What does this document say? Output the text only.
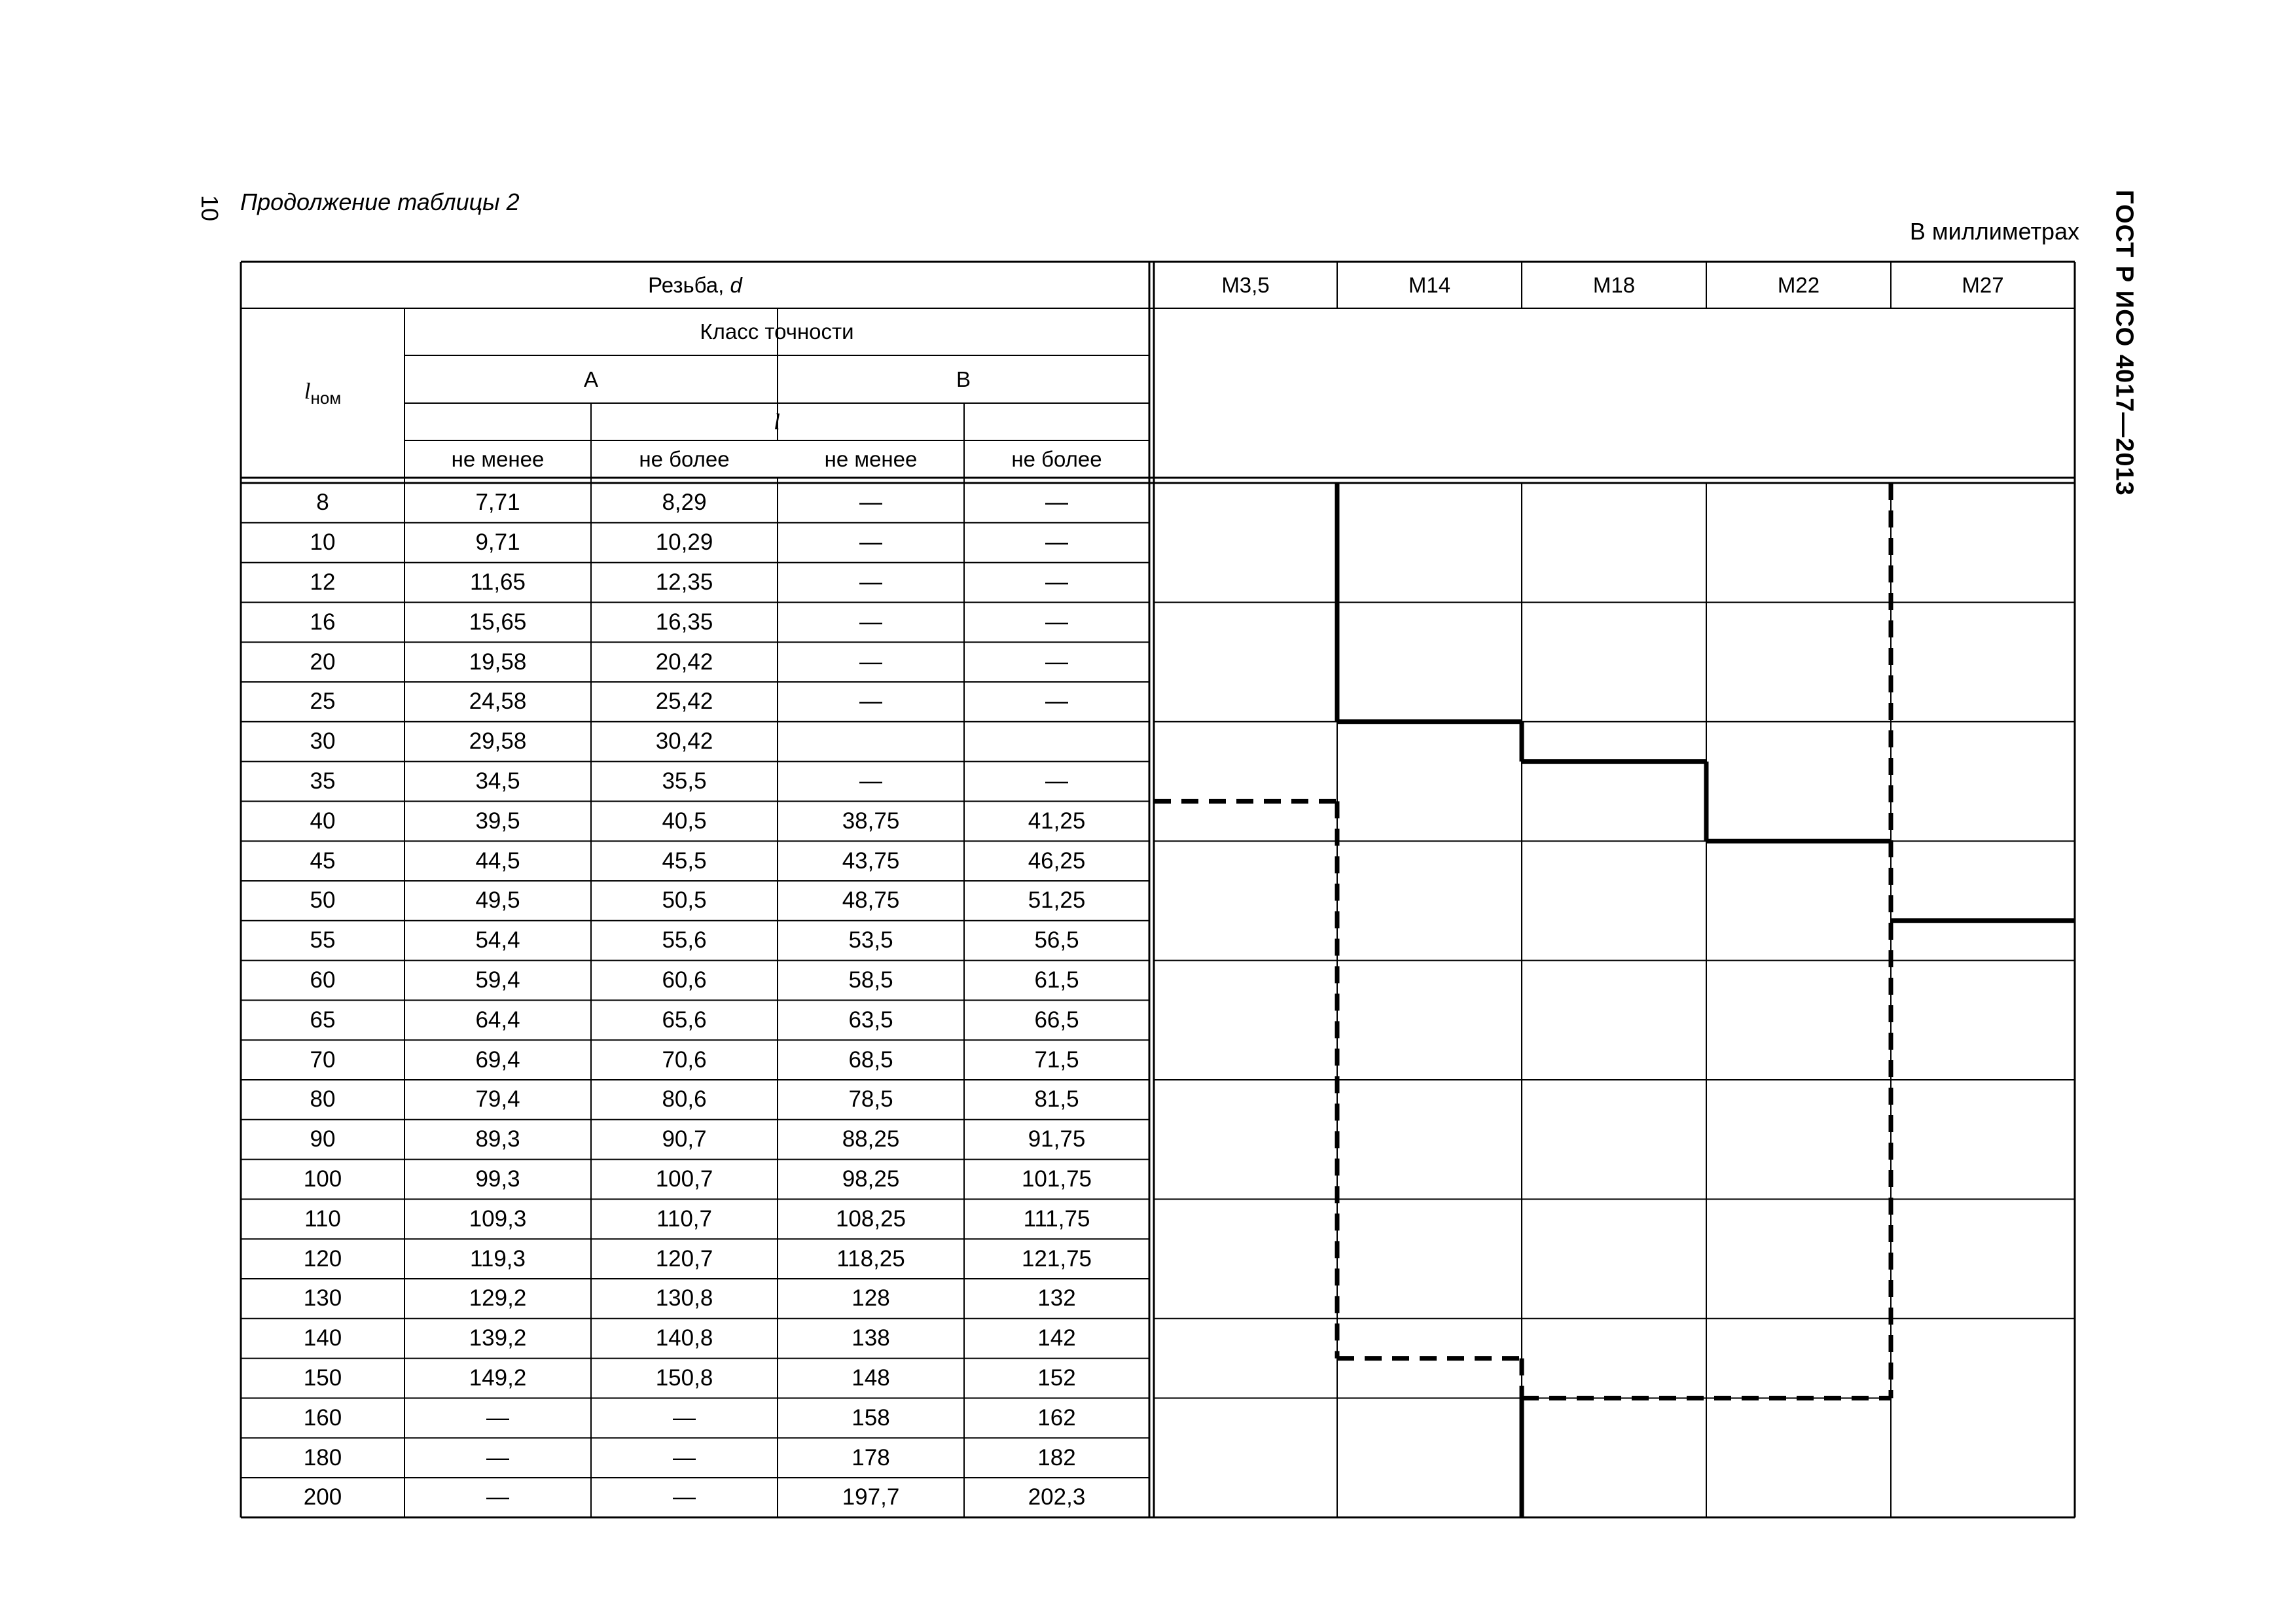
10 Продолжение таблицы 2
В миллиметрах ГОСТ Р ИСО 4017—2013
Резьба, d	M3,5	M14	M18	M22	M27
$l_{ном}$
Класс точности
A	B
l
не менее	не более	не менее	не более
8	7,71	8,29	—	—
10	9,71	10,29	—	—
12	11,65	12,35	—	—
16	15,65	16,35	—	—
20	19,58	20,42	—	—
25	24,58	25,42	—	—
30	29,58	30,42
35	34,5	35,5	—	—
40	39,5	40,5	38,75	41,25
45	44,5	45,5	43,75	46,25
50	49,5	50,5	48,75	51,25
55	54,4	55,6	53,5	56,5
60	59,4	60,6	58,5	61,5
65	64,4	65,6	63,5	66,5
70	69,4	70,6	68,5	71,5
80	79,4	80,6	78,5	81,5
90	89,3	90,7	88,25	91,75
100	99,3	100,7	98,25	101,75
110	109,3	110,7	108,25	111,75
120	119,3	120,7	118,25	121,75
130	129,2	130,8	128	132
140	139,2	140,8	138	142
150	149,2	150,8	148	152
160	—	—	158	162
180	—	—	178	182
200	—	—	197,7	202,3
